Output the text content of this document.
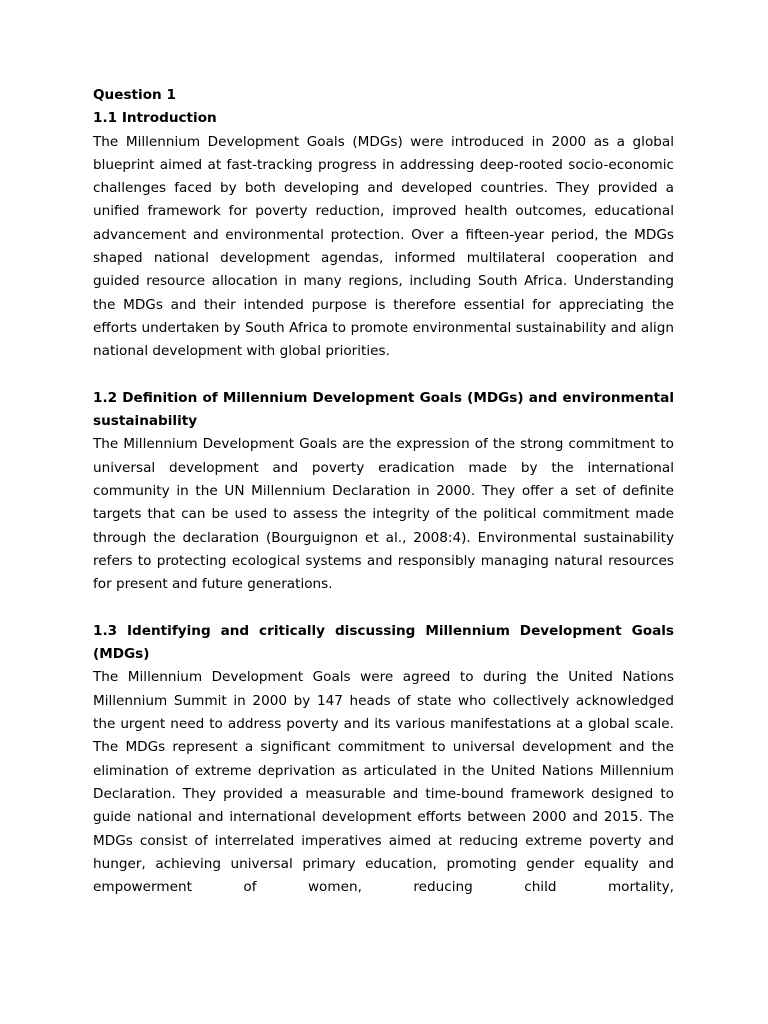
Question 1

1.1 Introduction

The Millennium Development Goals (MDGs) were introduced in 2000 as a global blueprint aimed at fast-tracking progress in addressing deep-rooted socio-economic challenges faced by both developing and developed countries. They provided a unified framework for poverty reduction, improved health outcomes, educational advancement and environmental protection. Over a fifteen-year period, the MDGs shaped national development agendas, informed multilateral cooperation and guided resource allocation in many regions, including South Africa. Understanding the MDGs and their intended purpose is therefore essential for appreciating the efforts undertaken by South Africa to promote environmental sustainability and align national development with global priorities.

1.2 Definition of Millennium Development Goals (MDGs) and environmental sustainability

The Millennium Development Goals are the expression of the strong commitment to universal development and poverty eradication made by the international community in the UN Millennium Declaration in 2000. They offer a set of definite targets that can be used to assess the integrity of the political commitment made through the declaration (Bourguignon et al., 2008:4). Environmental sustainability refers to protecting ecological systems and responsibly managing natural resources for present and future generations.

1.3 Identifying and critically discussing Millennium Development Goals (MDGs)

The Millennium Development Goals were agreed to during the United Nations Millennium Summit in 2000 by 147 heads of state who collectively acknowledged the urgent need to address poverty and its various manifestations at a global scale. The MDGs represent a significant commitment to universal development and the elimination of extreme deprivation as articulated in the United Nations Millennium Declaration. They provided a measurable and time-bound framework designed to guide national and international development efforts between 2000 and 2015. The MDGs consist of interrelated imperatives aimed at reducing extreme poverty and hunger, achieving universal primary education, promoting gender equality and empowerment of women, reducing child mortality,
